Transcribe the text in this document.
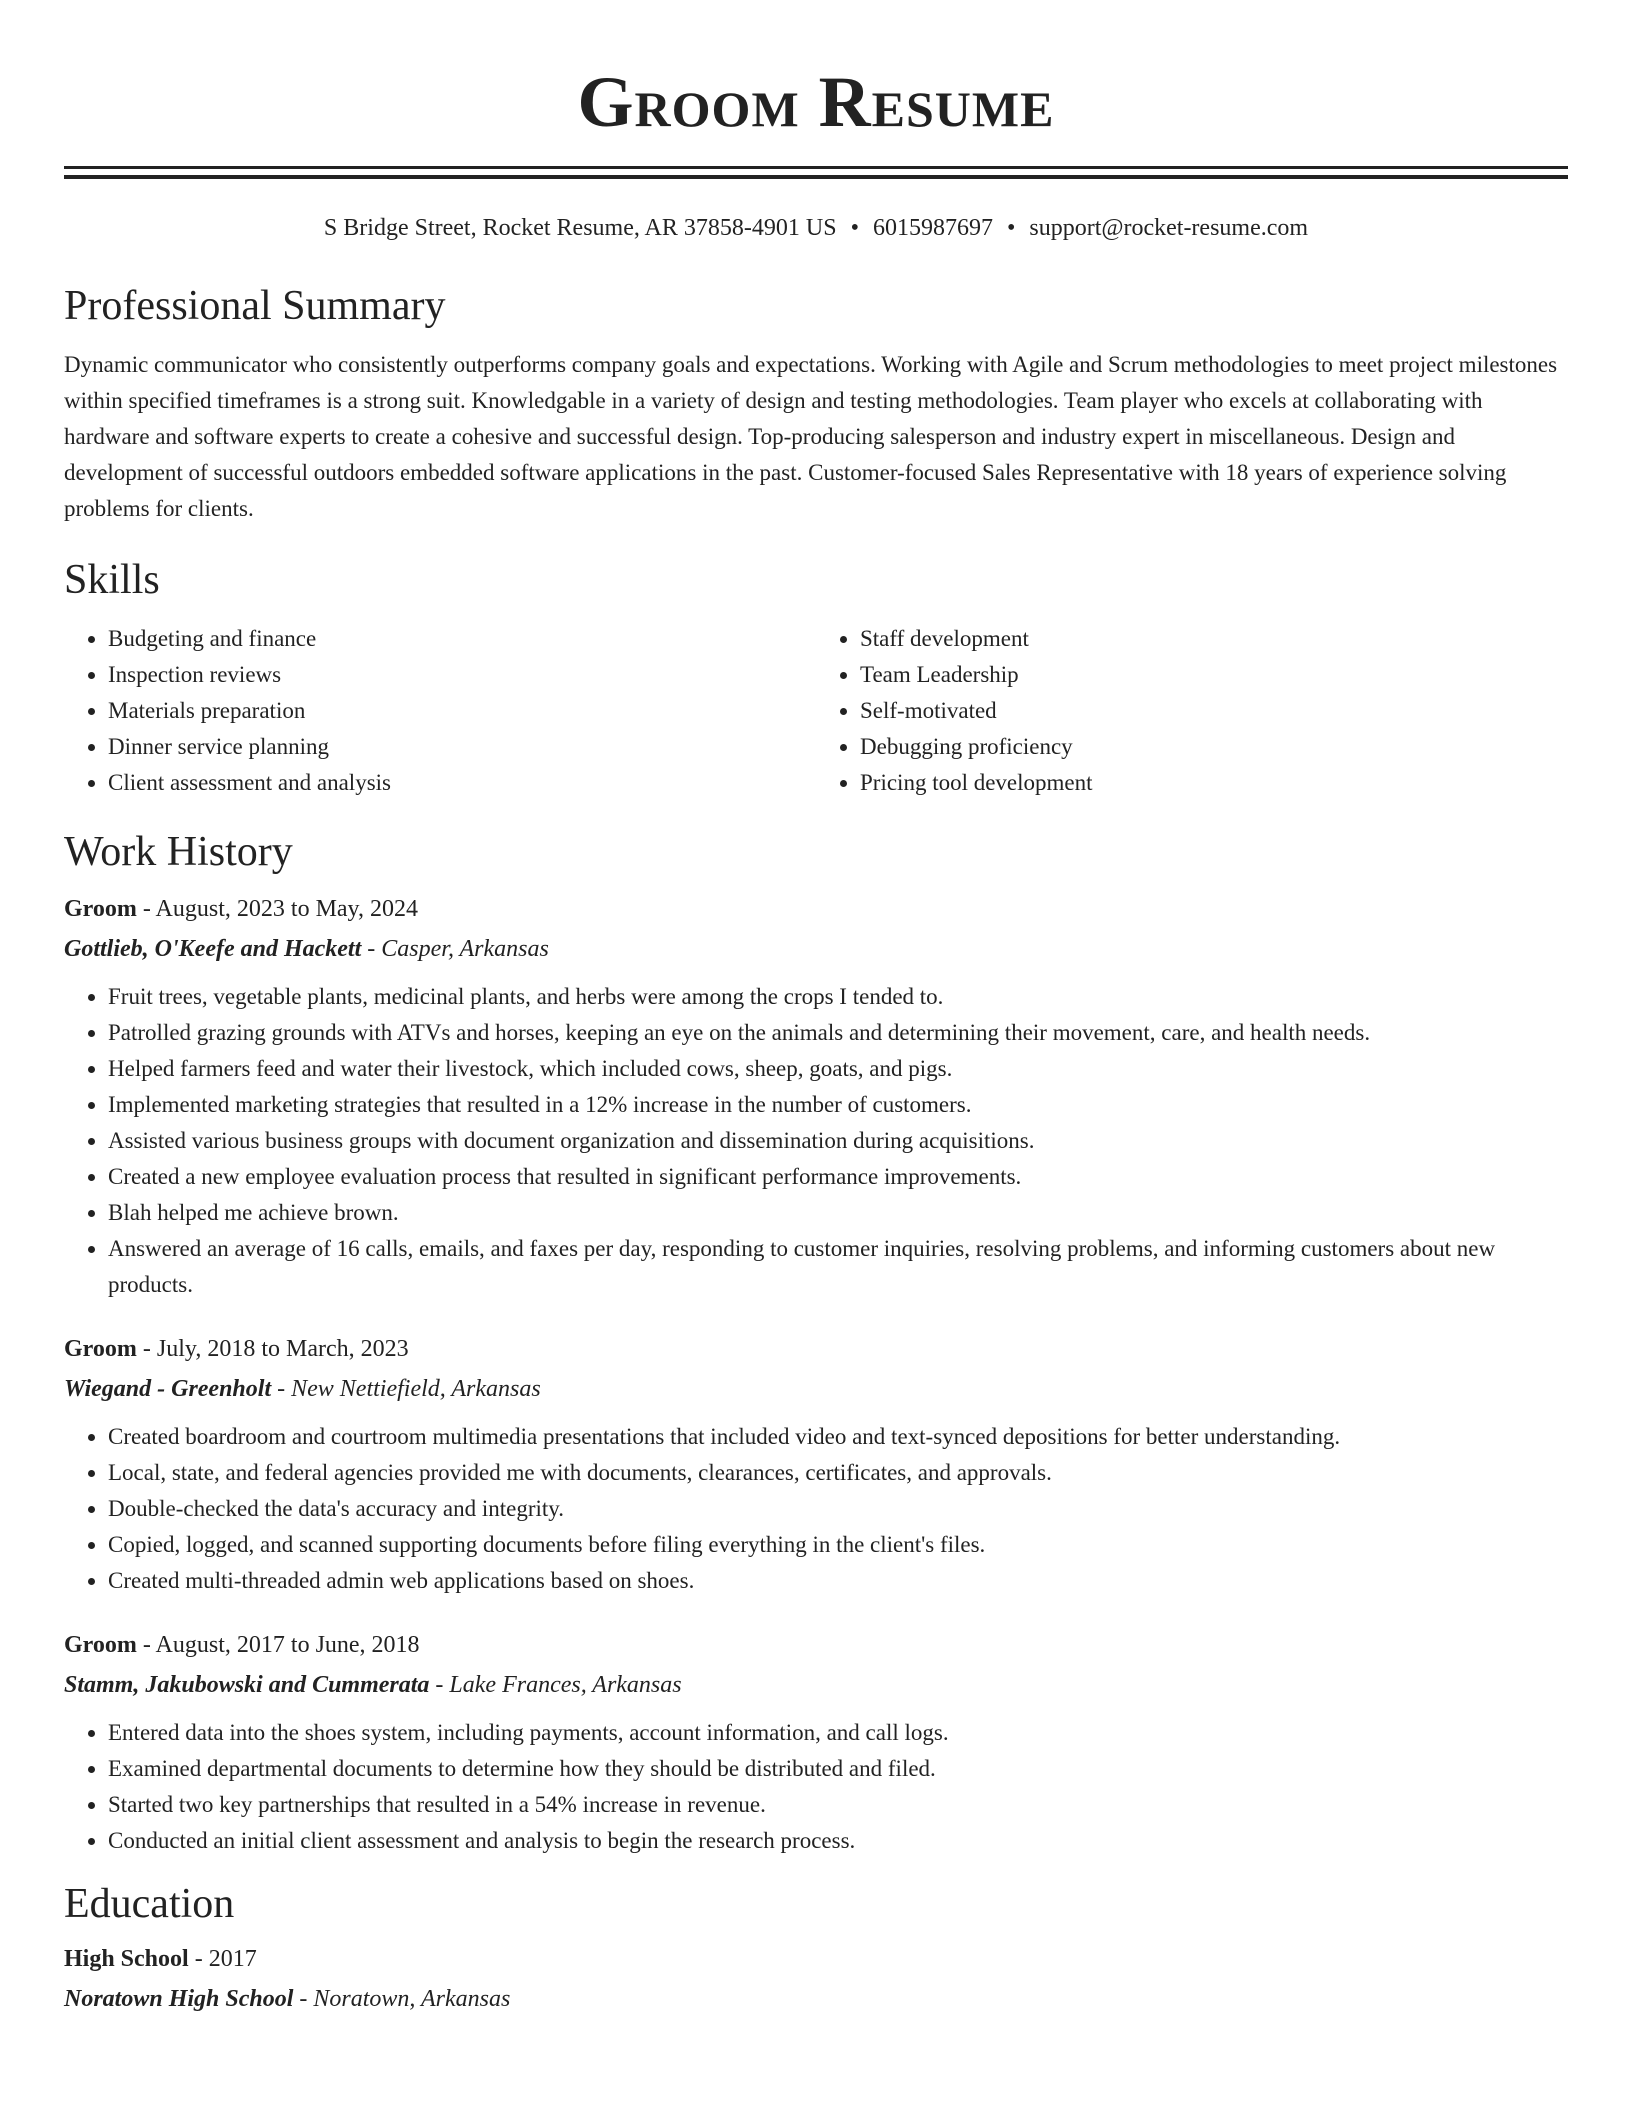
Groom Resume
S Bridge Street, Rocket Resume, AR 37858-4901 US • 6015987697 • support@rocket-resume.com
Professional Summary

Dynamic communicator who consistently outperforms company goals and expectations. Working with Agile and Scrum methodologies to meet project milestones within specified timeframes is a strong suit. Knowledgable in a variety of design and testing methodologies. Team player who excels at collaborating with hardware and software experts to create a cohesive and successful design. Top-producing salesperson and industry expert in miscellaneous. Design and development of successful outdoors embedded software applications in the past. Customer-focused Sales Representative with 18 years of experience solving problems for clients.

Skills
• Budgeting and finance
• Inspection reviews
• Materials preparation
• Dinner service planning
• Client assessment and analysis
• Staff development
• Team Leadership
• Self-motivated
• Debugging proficiency
• Pricing tool development
Work History
Groom - August, 2023 to May, 2024
Gottlieb, O'Keefe and Hackett - Casper, Arkansas
• Fruit trees, vegetable plants, medicinal plants, and herbs were among the crops I tended to.
• Patrolled grazing grounds with ATVs and horses, keeping an eye on the animals and determining their movement, care, and health needs.
• Helped farmers feed and water their livestock, which included cows, sheep, goats, and pigs.
• Implemented marketing strategies that resulted in a 12% increase in the number of customers.
• Assisted various business groups with document organization and dissemination during acquisitions.
• Created a new employee evaluation process that resulted in significant performance improvements.
• Blah helped me achieve brown.
• Answered an average of 16 calls, emails, and faxes per day, responding to customer inquiries, resolving problems, and informing customers about new products.
Groom - July, 2018 to March, 2023
Wiegand - Greenholt - New Nettiefield, Arkansas
• Created boardroom and courtroom multimedia presentations that included video and text-synced depositions for better understanding.
• Local, state, and federal agencies provided me with documents, clearances, certificates, and approvals.
• Double-checked the data's accuracy and integrity.
• Copied, logged, and scanned supporting documents before filing everything in the client's files.
• Created multi-threaded admin web applications based on shoes.
Groom - August, 2017 to June, 2018
Stamm, Jakubowski and Cummerata - Lake Frances, Arkansas
• Entered data into the shoes system, including payments, account information, and call logs.
• Examined departmental documents to determine how they should be distributed and filed.
• Started two key partnerships that resulted in a 54% increase in revenue.
• Conducted an initial client assessment and analysis to begin the research process.
Education
High School - 2017
Noratown High School - Noratown, Arkansas
